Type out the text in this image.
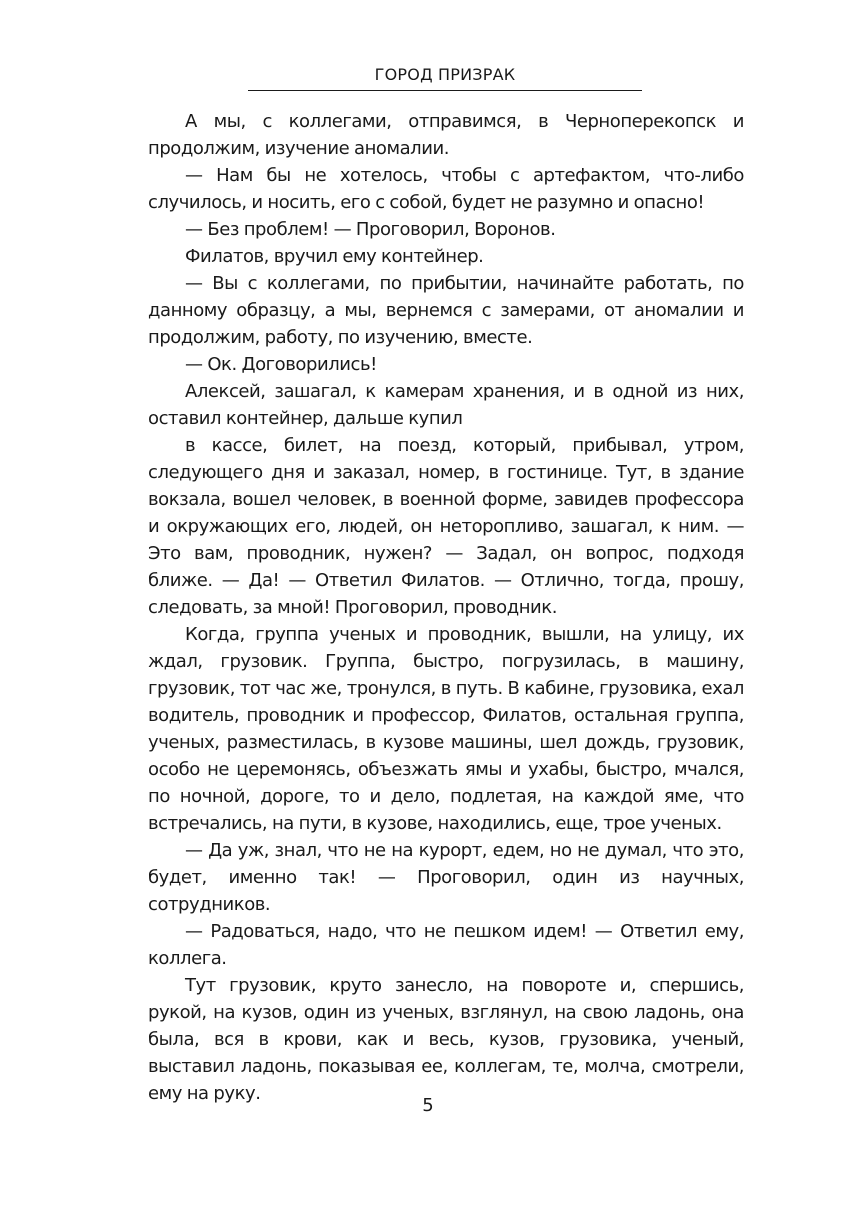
ГОРОД ПРИЗРАК

А мы, с коллегами, отправимся, в Черноперекопск и продолжим, изучение аномалии.

— Нам бы не хотелось, чтобы с артефактом, что-либо случилось, и носить, его с собой, будет не разумно и опасно!

— Без проблем! — Проговорил, Воронов.

Филатов, вручил ему контейнер.

— Вы с коллегами, по прибытии, начинайте работать, по данному образцу, а мы, вернемся с замерами, от аномалии и продолжим, работу, по изучению, вместе.

— Ок. Договорились!

Алексей, зашагал, к камерам хранения, и в одной из них, оставил контейнер, дальше купил

в кассе, билет, на поезд, который, прибывал, утром, следующего дня и заказал, номер, в гостинице. Тут, в здание вокзала, вошел человек, в военной форме, завидев профессора и окружающих его, людей, он неторопливо, зашагал, к ним. — Это вам, проводник, нужен? — Задал, он вопрос, подходя ближе. — Да! — Ответил Филатов. — Отлично, тогда, прошу, следовать, за мной! Проговорил, проводник.

Когда, группа ученых и проводник, вышли, на улицу, их ждал, грузовик. Группа, быстро, погрузилась, в машину, грузовик, тот час же, тронулся, в путь. В кабине, грузовика, ехал водитель, проводник и профессор, Филатов, остальная группа, ученых, разместилась, в кузове машины, шел дождь, грузовик, особо не церемонясь, объезжать ямы и ухабы, быстро, мчался, по ночной, дороге, то и дело, подлетая, на каждой яме, что встречались, на пути, в кузове, находились, еще, трое ученых.

— Да уж, знал, что не на курорт, едем, но не думал, что это, будет, именно так! — Проговорил, один из научных, сотрудников.

— Радоваться, надо, что не пешком идем! — Ответил ему, коллега.

Тут грузовик, круто занесло, на повороте и, спершись, рукой, на кузов, один из ученых, взглянул, на свою ладонь, она была, вся в крови, как и весь, кузов, грузовика, ученый, выставил ладонь, показывая ее, коллегам, те, молча, смотрели, ему на руку.

5
